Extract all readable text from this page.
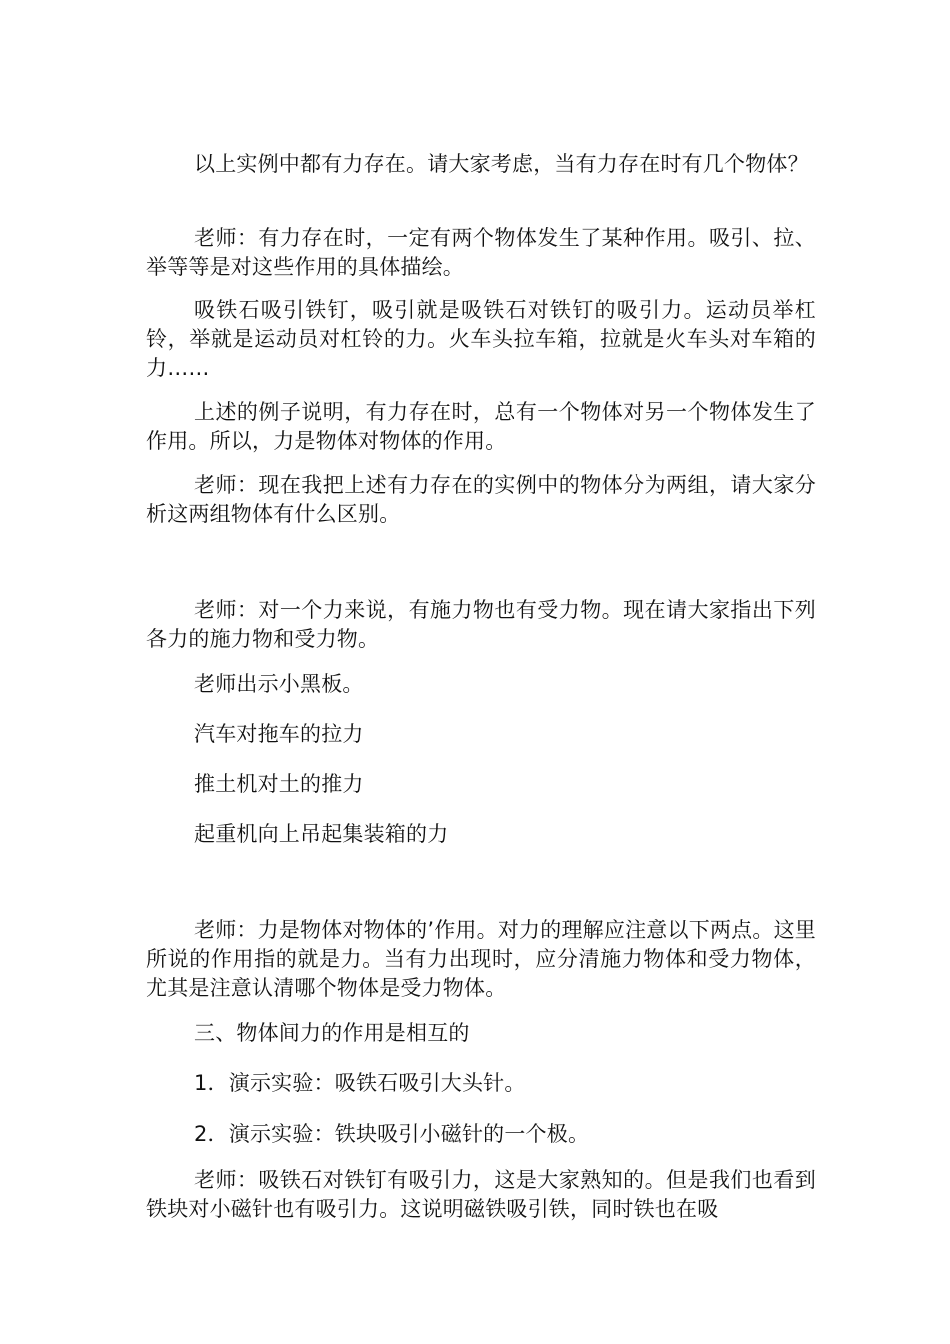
以上实例中都有力存在。请大家考虑，当有力存在时有几个物体？

老师：有力存在时，一定有两个物体发生了某种作用。吸引、拉、举等等是对这些作用的具体描绘。

吸铁石吸引铁钉，吸引就是吸铁石对铁钉的吸引力。运动员举杠铃，举就是运动员对杠铃的力。火车头拉车箱，拉就是火车头对车箱的力……

上述的例子说明，有力存在时，总有一个物体对另一个物体发生了作用。所以，力是物体对物体的作用。

老师：现在我把上述有力存在的实例中的物体分为两组，请大家分析这两组物体有什么区别。

老师：对一个力来说，有施力物也有受力物。现在请大家指出下列各力的施力物和受力物。

老师出示小黑板。

汽车对拖车的拉力

推土机对土的推力

起重机向上吊起集装箱的力

老师：力是物体对物体的’作用。对力的理解应注意以下两点。这里所说的作用指的就是力。当有力出现时，应分清施力物体和受力物体，尤其是注意认清哪个物体是受力物体。

三、物体间力的作用是相互的

1．演示实验：吸铁石吸引大头针。

2．演示实验：铁块吸引小磁针的一个极。

老师：吸铁石对铁钉有吸引力，这是大家熟知的。但是我们也看到铁块对小磁针也有吸引力。这说明磁铁吸引铁，同时铁也在吸
